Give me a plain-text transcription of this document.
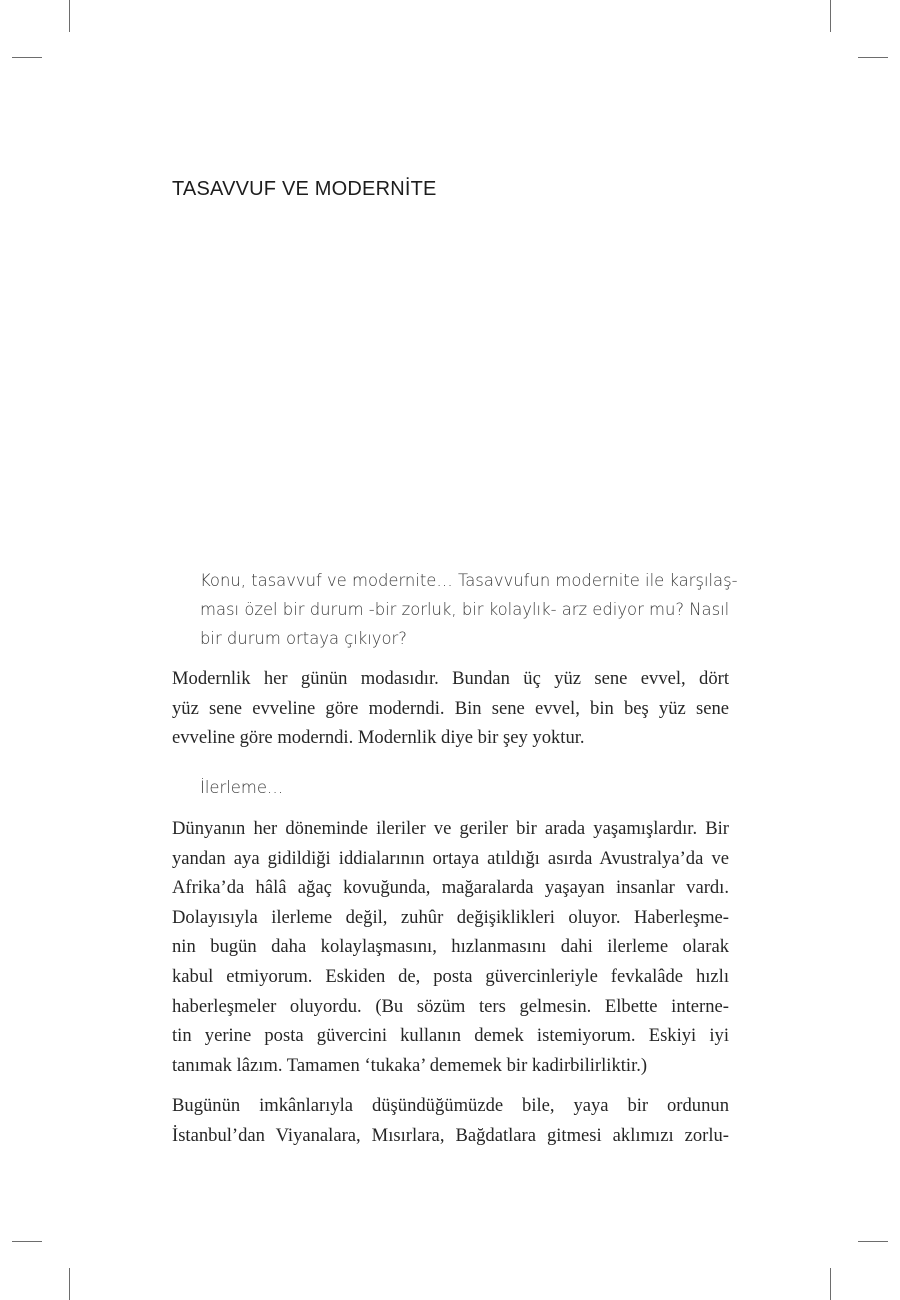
TASAVVUF VE MODERNİTE
Konu, tasavvuf ve modernite… Tasavvufun modernite ile karşılaş-
ması özel bir durum -bir zorluk, bir kolaylık- arz ediyor mu? Nasıl
bir durum ortaya çıkıyor?
Modernlik her günün modasıdır. Bundan üç yüz sene evvel, dört
yüz sene evveline göre moderndi. Bin sene evvel, bin beş yüz sene
evveline göre moderndi. Modernlik diye bir şey yoktur.
İlerleme…
Dünyanın her döneminde ileriler ve geriler bir arada yaşamışlardır. Bir
yandan aya gidildiği iddialarının ortaya atıldığı asırda Avustralya’da ve
Afrika’da hâlâ ağaç kovuğunda, mağaralarda yaşayan insanlar vardı.
Dolayısıyla ilerleme değil, zuhûr değişiklikleri oluyor. Haberleşme-
nin bugün daha kolaylaşmasını, hızlanmasını dahi ilerleme olarak
kabul etmiyorum. Eskiden de, posta güvercinleriyle fevkalâde hızlı
haberleşmeler oluyordu. (Bu sözüm ters gelmesin. Elbette interne-
tin yerine posta güvercini kullanın demek istemiyorum. Eskiyi iyi
tanımak lâzım. Tamamen ‘tukaka’ dememek bir kadirbilirliktir.)
Bugünün imkânlarıyla düşündüğümüzde bile, yaya bir ordunun
İstanbul’dan Viyanalara, Mısırlara, Bağdatlara gitmesi aklımızı zorlu-
